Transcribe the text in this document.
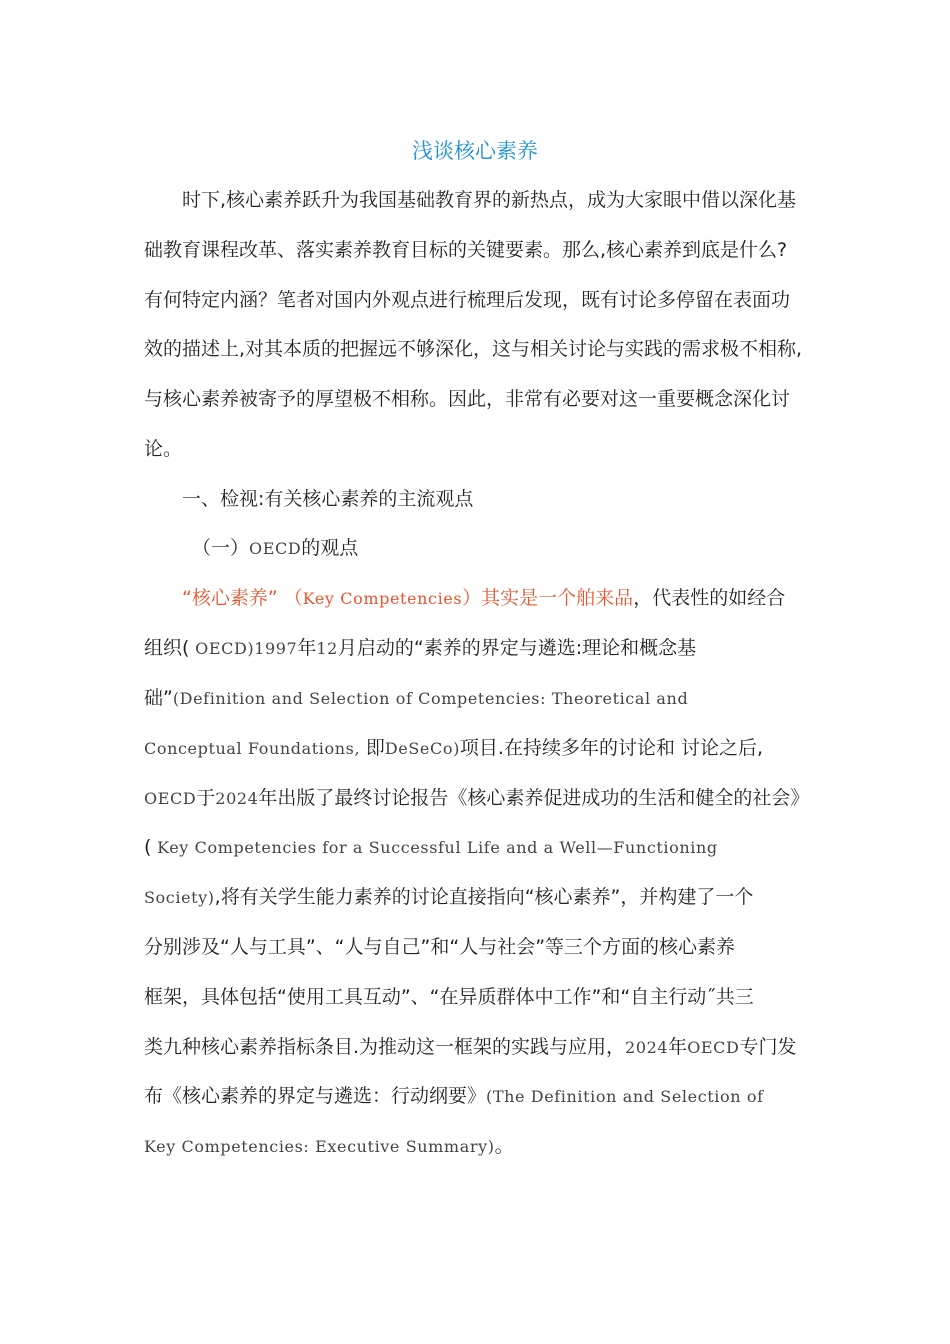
浅谈核心素养
时下,核心素养跃升为我国基础教育界的新热点，成为大家眼中借以深化基
础教育课程改革、落实素养教育目标的关键要素。那么,核心素养到底是什么?
有何特定内涵？笔者对国内外观点进行梳理后发现，既有讨论多停留在表面功
效的描述上,对其本质的把握远不够深化，这与相关讨论与实践的需求极不相称,
与核心素养被寄予的厚望极不相称。因此，非常有必要对这一重要概念深化讨
论。
一、检视:有关核心素养的主流观点
（一）OECD的观点
“核心素养” （Key Competencies）其实是一个舶来品，代表性的如经合
组织( OECD)1997年12月启动的“素养的界定与遴选:理论和概念基
础”(Definition and Selection of Competencies: Theoretical and
Conceptual Foundations, 即DeSeCo)项目.在持续多年的讨论和 讨论之后,
OECD于2024年出版了最终讨论报告《核心素养促进成功的生活和健全的社会》
( Key Competencies for a Successful Life and a Well—Functioning
Society),将有关学生能力素养的讨论直接指向“核心素养”，并构建了一个
分别涉及“人与工具”、“人与自己”和“人与社会”等三个方面的核心素养
框架，具体包括“使用工具互动”、“在异质群体中工作”和“自主行动˝共三
类九种核心素养指标条目.为推动这一框架的实践与应用，2024年OECD专门发
布《核心素养的界定与遴选：行动纲要》(The Definition and Selection of
Key Competencies: Executive Summary)。
